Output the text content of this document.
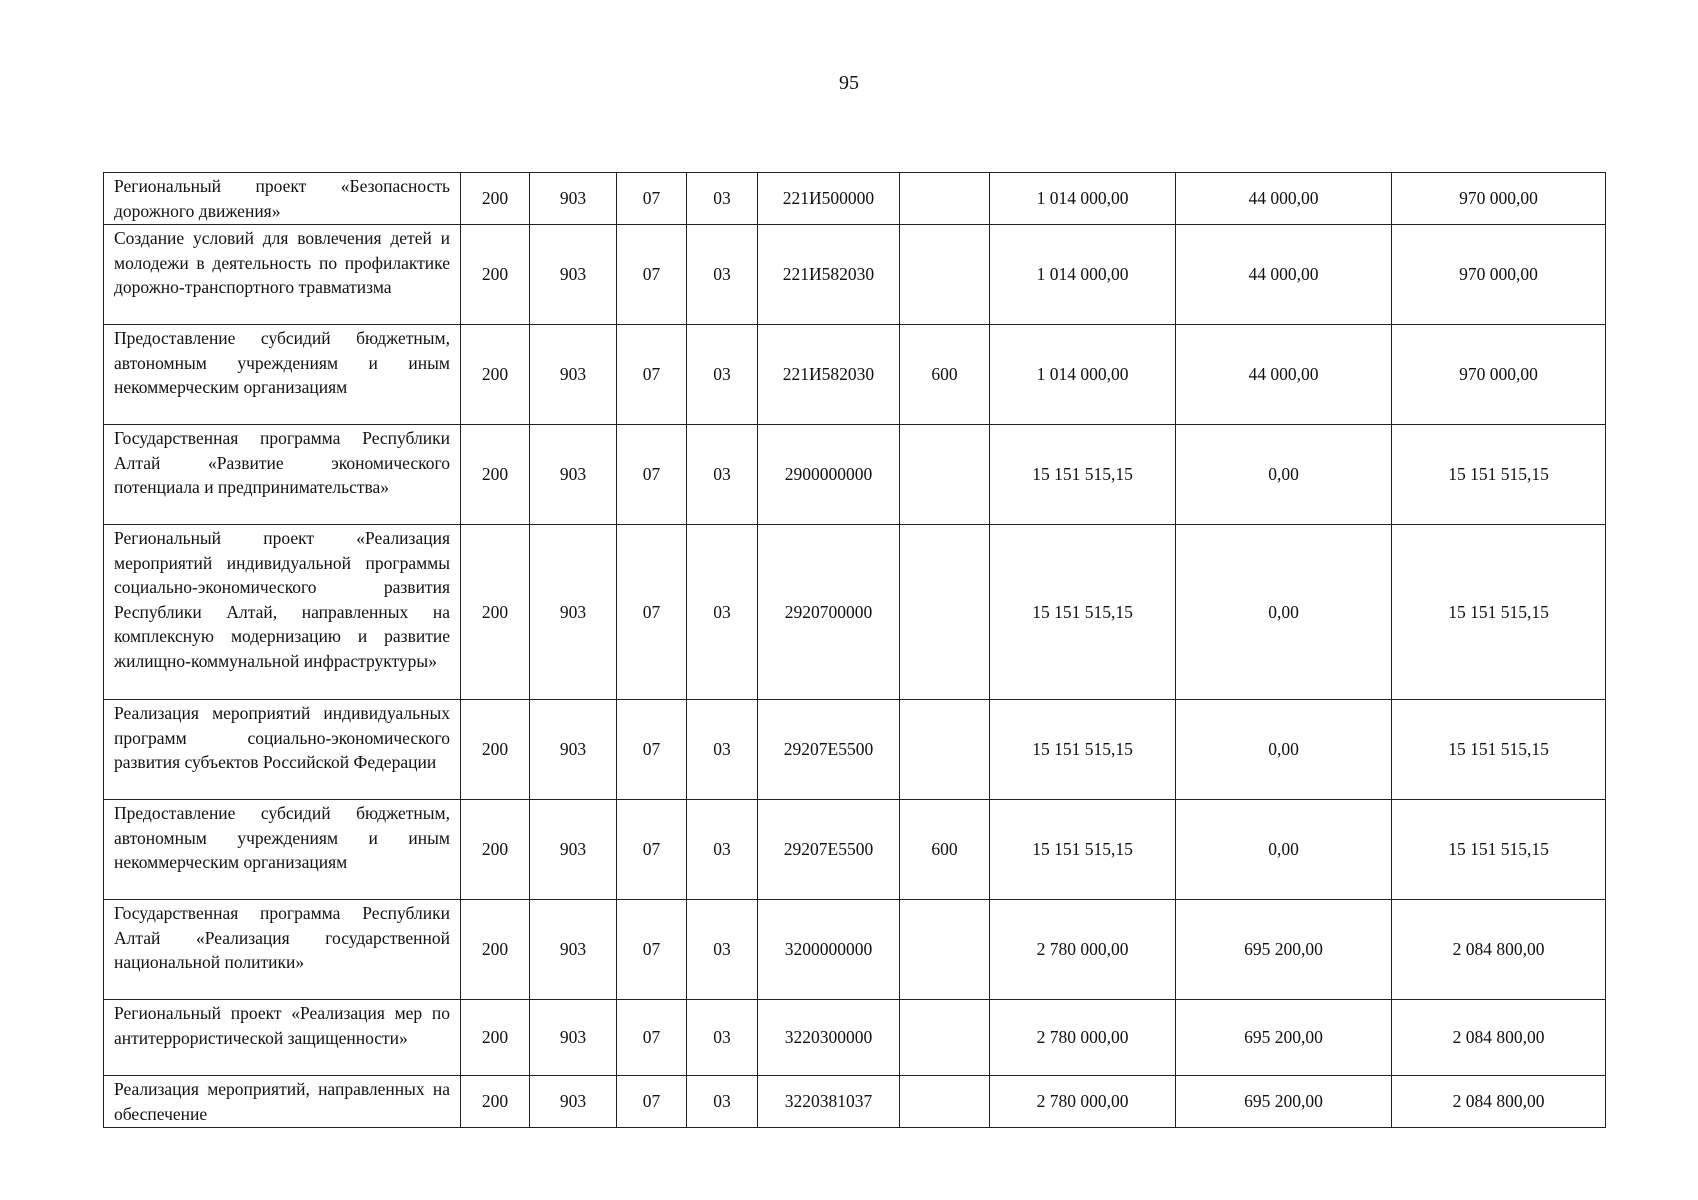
95
Региональный проект «Безопасность дорожного движения»	200	903	07	03	221И500000		1 014 000,00	44 000,00	970 000,00
Создание условий для вовлечения детей и молодежи в деятельность по профилактике дорожно-транспортного травматизма	200	903	07	03	221И582030		1 014 000,00	44 000,00	970 000,00
Предоставление субсидий бюджетным, автономным учреждениям и иным некоммерческим организациям	200	903	07	03	221И582030	600	1 014 000,00	44 000,00	970 000,00
Государственная программа Республики Алтай «Развитие экономического потенциала и предпринимательства»	200	903	07	03	2900000000		15 151 515,15	0,00	15 151 515,15
Региональный проект «Реализация мероприятий индивидуальной программы социально-экономического развития Республики Алтай, направленных на комплексную модернизацию и развитие жилищно-коммунальной инфраструктуры»	200	903	07	03	2920700000		15 151 515,15	0,00	15 151 515,15
Реализация мероприятий индивидуальных программ социально-экономического развития субъектов Российской Федерации	200	903	07	03	29207E5500		15 151 515,15	0,00	15 151 515,15
Предоставление субсидий бюджетным, автономным учреждениям и иным некоммерческим организациям	200	903	07	03	29207E5500	600	15 151 515,15	0,00	15 151 515,15
Государственная программа Республики Алтай «Реализация государственной национальной политики»	200	903	07	03	3200000000		2 780 000,00	695 200,00	2 084 800,00
Региональный проект «Реализация мер по антитеррористической защищенности»	200	903	07	03	3220300000		2 780 000,00	695 200,00	2 084 800,00
Реализация мероприятий, направленных на обеспечение	200	903	07	03	3220381037		2 780 000,00	695 200,00	2 084 800,00
